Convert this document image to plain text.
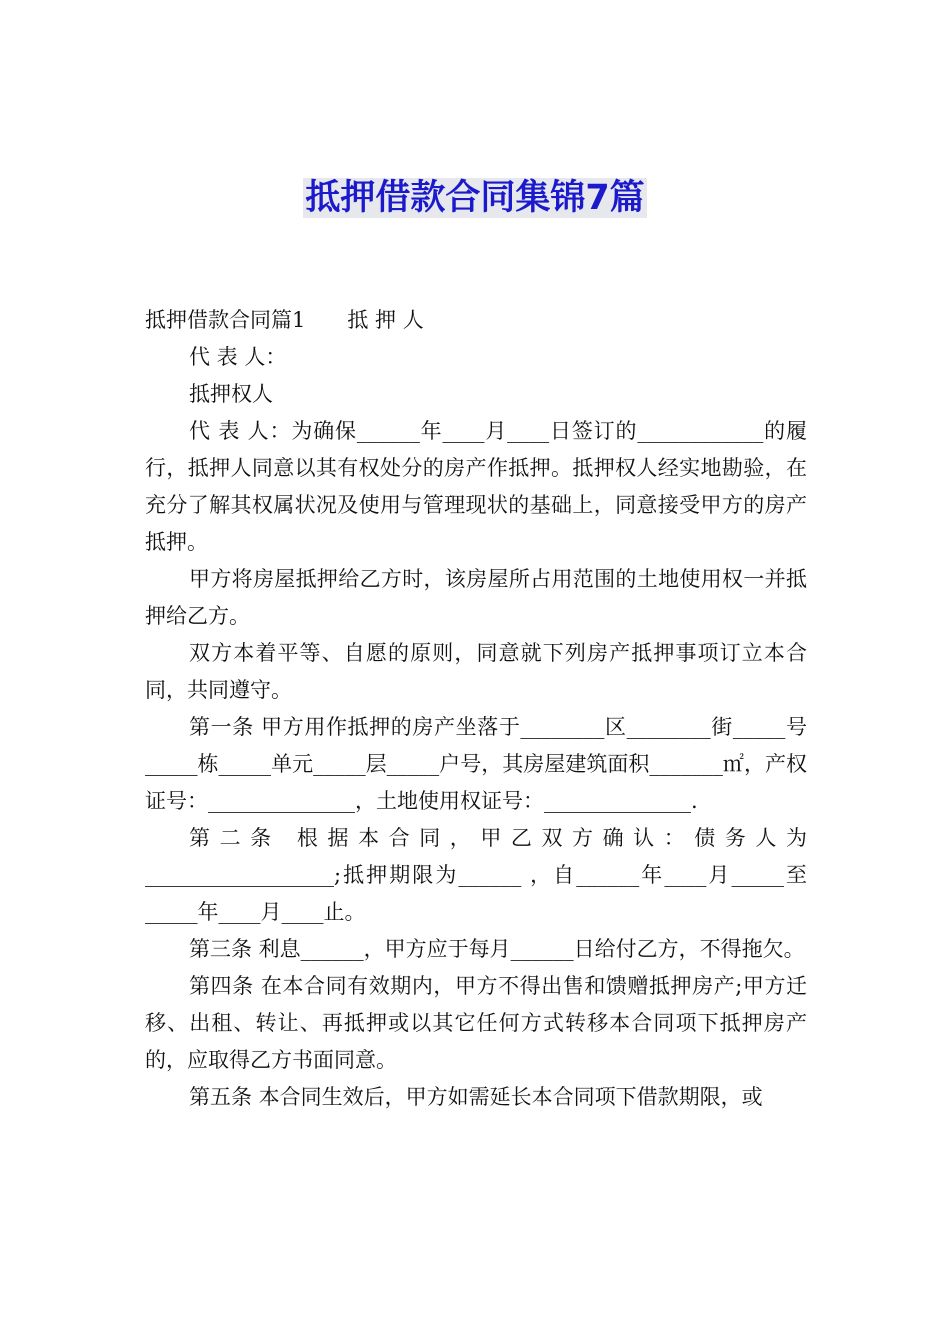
抵押借款合同集锦7篇

抵押借款合同篇1 抵 押 人

代 表 人：

抵押权人

代 表 人：为确保______年____月____日签订的____________的履行，抵押人同意以其有权处分的房产作抵押。抵押权人经实地勘验，在充分了解其权属状况及使用与管理现状的基础上，同意接受甲方的房产抵押。

甲方将房屋抵押给乙方时，该房屋所占用范围的土地使用权一并抵押给乙方。

双方本着平等、自愿的原则，同意就下列房产抵押事项订立本合同，共同遵守。

第一条 甲方用作抵押的房产坐落于________区________街_____号_____栋_____单元_____层_____户号，其房屋建筑面积_______㎡，产权证号：______________，土地使用权证号：______________.

第二条 根据本合同，甲乙双方确认：债务人为__________________;抵押期限为______ ，自______年____月_____至_____年____月____止。

第三条 利息______，甲方应于每月______日给付乙方，不得拖欠。

第四条 在本合同有效期内，甲方不得出售和馈赠抵押房产;甲方迁移、出租、转让、再抵押或以其它任何方式转移本合同项下抵押房产的，应取得乙方书面同意。

第五条 本合同生效后，甲方如需延长本合同项下借款期限，或
